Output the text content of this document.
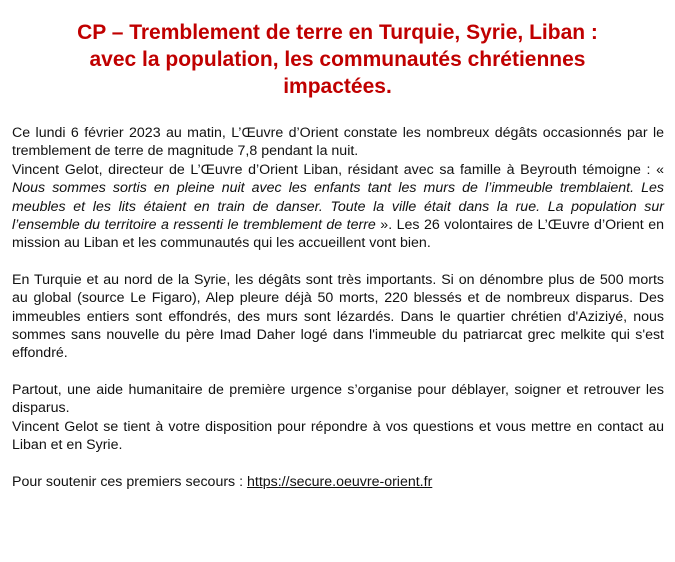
CP – Tremblement de terre en Turquie, Syrie, Liban :
avec la population, les communautés chrétiennes
impactées.

Ce lundi 6 février 2023 au matin, L’Œuvre d’Orient constate les nombreux dégâts occasionnés par le tremblement de terre de magnitude 7,8 pendant la nuit.
Vincent Gelot, directeur de L’Œuvre d’Orient Liban, résidant avec sa famille à Beyrouth témoigne : « Nous sommes sortis en pleine nuit avec les enfants tant les murs de l’immeuble tremblaient. Les meubles et les lits étaient en train de danser. Toute la ville était dans la rue. La population sur l’ensemble du territoire a ressenti le tremblement de terre ». Les 26 volontaires de L’Œuvre d’Orient en mission au Liban et les communautés qui les accueillent vont bien.

En Turquie et au nord de la Syrie, les dégâts sont très importants. Si on dénombre plus de 500 morts au global (source Le Figaro), Alep pleure déjà 50 morts, 220 blessés et de nombreux disparus. Des immeubles entiers sont effondrés, des murs sont lézardés. Dans le quartier chrétien d'Aziziyé, nous sommes sans nouvelle du père Imad Daher logé dans l'immeuble du patriarcat grec melkite qui s'est effondré.

Partout, une aide humanitaire de première urgence s’organise pour déblayer, soigner et retrouver les disparus.
Vincent Gelot se tient à votre disposition pour répondre à vos questions et vous mettre en contact au Liban et en Syrie.

Pour soutenir ces premiers secours : https://secure.oeuvre-orient.fr
